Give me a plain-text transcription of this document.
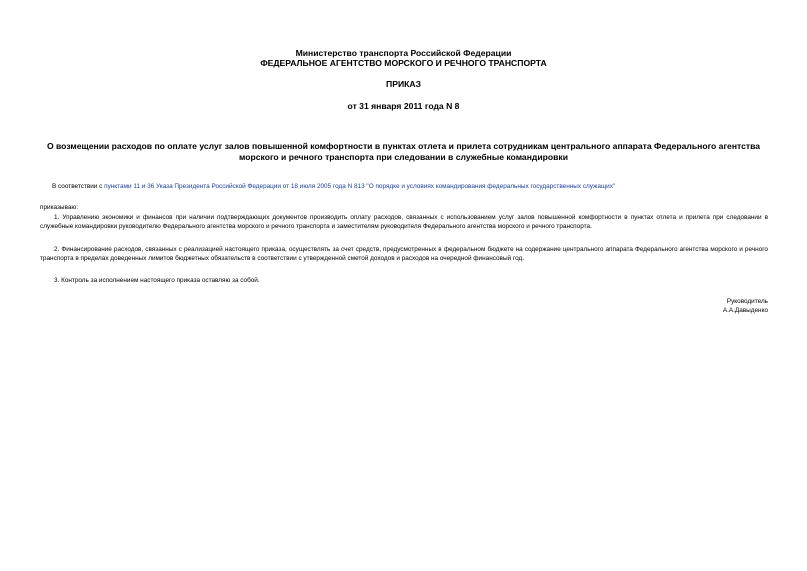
Министерство транспорта Российской Федерации
ФЕДЕРАЛЬНОЕ АГЕНТСТВО МОРСКОГО И РЕЧНОГО ТРАНСПОРТА
ПРИКАЗ
от 31 января 2011 года N 8
О возмещении расходов по оплате услуг залов повышенной комфортности в пунктах отлета и прилета сотрудникам центрального аппарата Федерального агентства морского и речного транспорта при следовании в служебные командировки
В соответствии с пунктами 11 и 36 Указа Президента Российской Федерации от 18 июля 2005 года N 813 "О порядке и условиях командирования федеральных государственных служащих"
приказываю:
1. Управлению экономики и финансов при наличии подтверждающих документов производить оплату расходов, связанных с использованием услуг залов повышенной комфортности в пунктах отлета и прилета при следовании в служебные командировки руководителю Федерального агентства морского и речного транспорта и заместителям руководителя Федерального агентства морского и речного транспорта.
2. Финансирование расходов, связанных с реализацией настоящего приказа, осуществлять за счет средств, предусмотренных в федеральном бюджете на содержание центрального аппарата Федерального агентства морского и речного транспорта в пределах доведенных лимитов бюджетных обязательств в соответствии с утвержденной сметой доходов и расходов на очередной финансовый год.
3. Контроль за исполнением настоящего приказа оставляю за собой.
Руководитель
А.А.Давыденко
